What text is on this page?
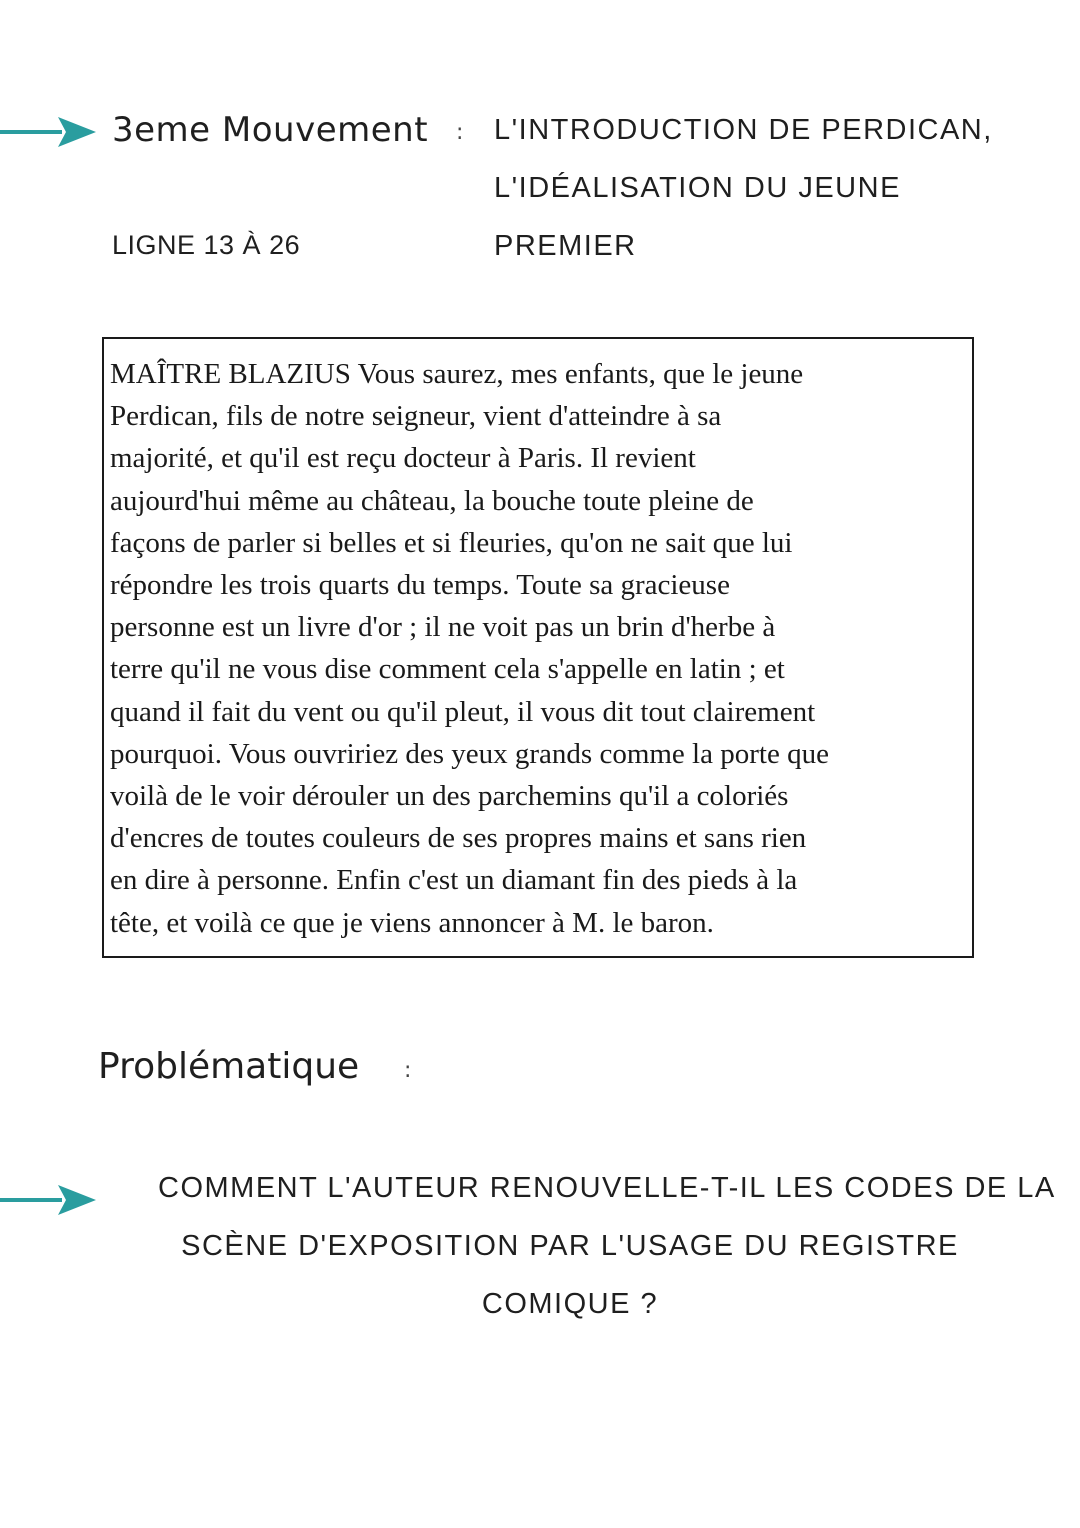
3eme Mouvement : L'INTRODUCTION DE PERDICAN,
L'IDÉALISATION DU JEUNE
PREMIER
LIGNE 13 À 26
MAÎTRE BLAZIUS Vous saurez, mes enfants, que le jeune
Perdican, fils de notre seigneur, vient d'atteindre à sa
majorité, et qu'il est reçu docteur à Paris. Il revient
aujourd'hui même au château, la bouche toute pleine de
façons de parler si belles et si fleuries, qu'on ne sait que lui
répondre les trois quarts du temps. Toute sa gracieuse
personne est un livre d'or ; il ne voit pas un brin d'herbe à
terre qu'il ne vous dise comment cela s'appelle en latin ; et
quand il fait du vent ou qu'il pleut, il vous dit tout clairement
pourquoi. Vous ouvririez des yeux grands comme la porte que
voilà de le voir dérouler un des parchemins qu'il a coloriés
d'encres de toutes couleurs de ses propres mains et sans rien
en dire à personne. Enfin c'est un diamant fin des pieds à la
tête, et voilà ce que je viens annoncer à M. le baron.
Problématique :
COMMENT L'AUTEUR RENOUVELLE-T-IL LES CODES DE LA
SCÈNE D'EXPOSITION PAR L'USAGE DU REGISTRE
COMIQUE ?
